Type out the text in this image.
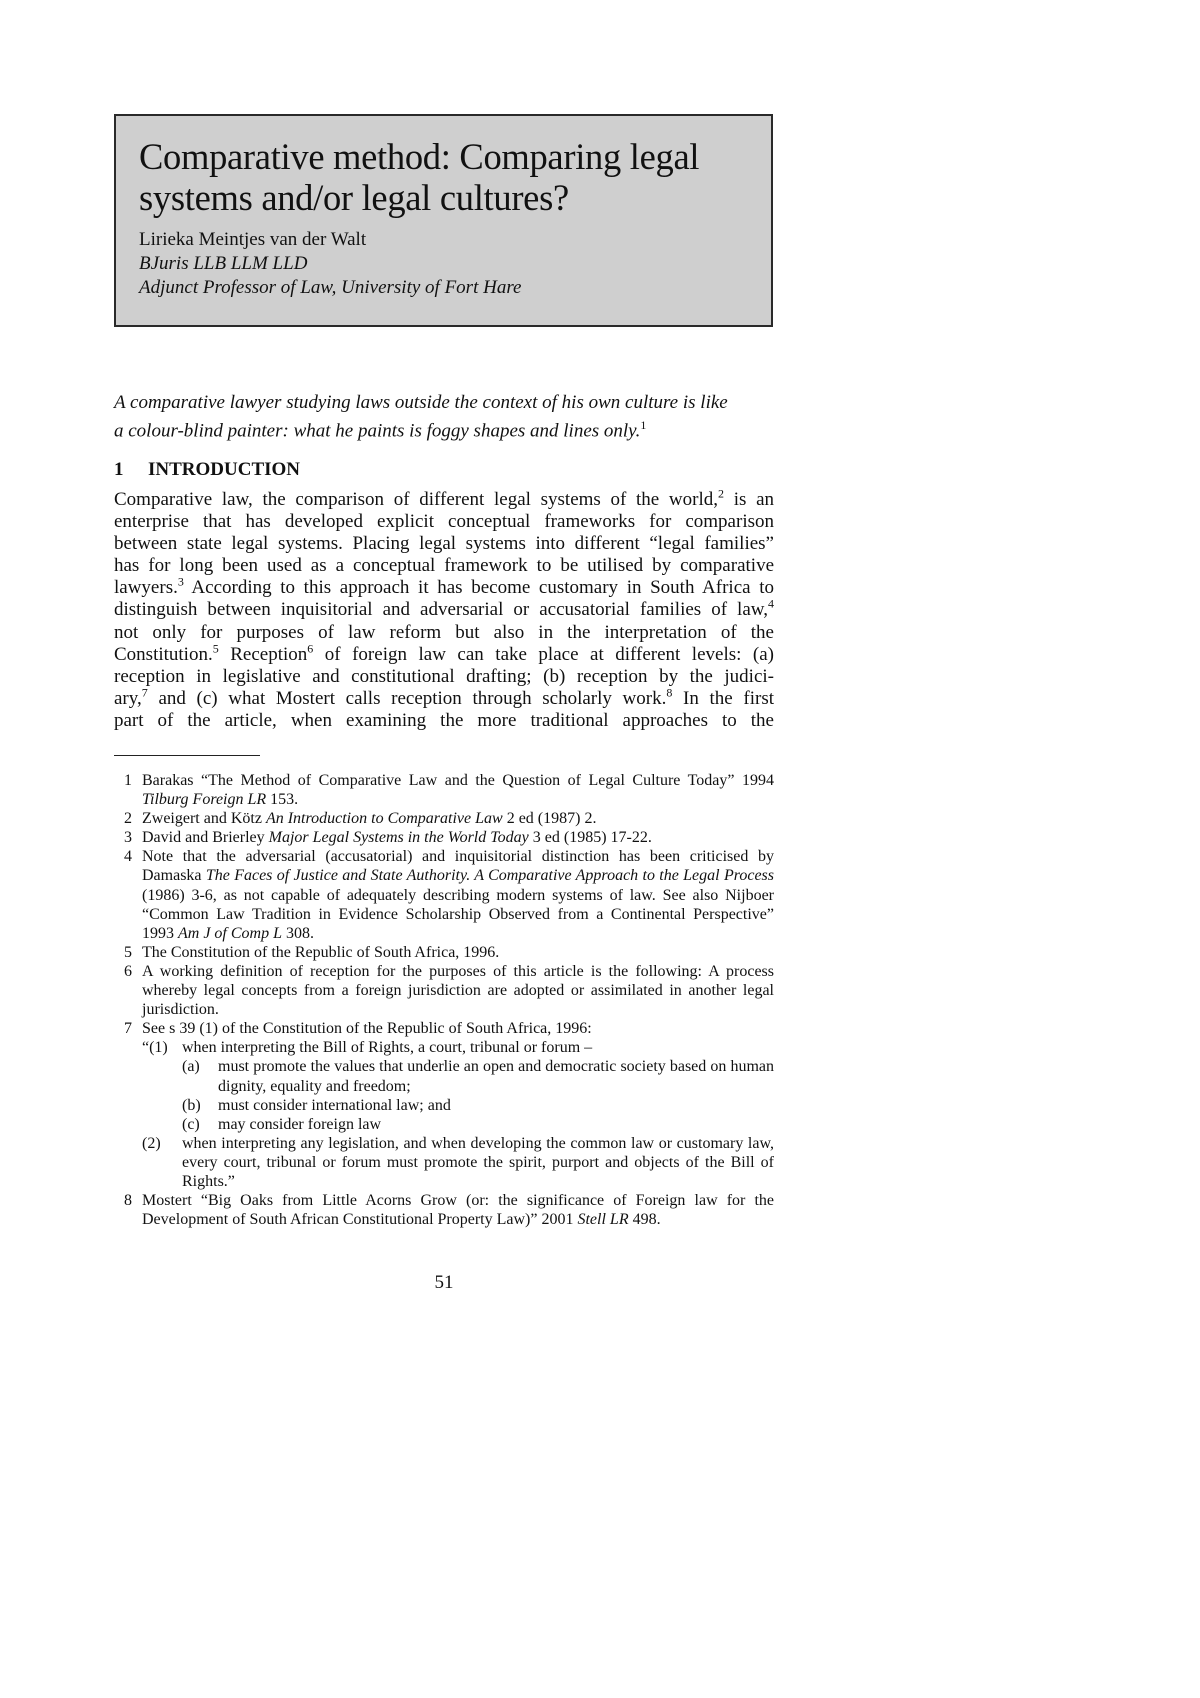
Comparative method: Comparing legal
systems and/or legal cultures?
Lirieka Meintjes van der Walt
BJuris LLB LLM LLD
Adjunct Professor of Law, University of Fort Hare
A comparative lawyer studying laws outside the context of his own culture is like
a colour-blind painter: what he paints is foggy shapes and lines only.$^1$
1 INTRODUCTION
Comparative law, the comparison of different legal systems of the world,$^2$ is an
enterprise that has developed explicit conceptual frameworks for comparison
between state legal systems. Placing legal systems into different “legal families”
has for long been used as a conceptual framework to be utilised by comparative
lawyers.$^3$ According to this approach it has become customary in South Africa to
distinguish between inquisitorial and adversarial or accusatorial families of law,$^4$
not only for purposes of law reform but also in the interpretation of the
Constitution.$^5$ Reception$^6$ of foreign law can take place at different levels: (a)
reception in legislative and constitutional drafting; (b) reception by the judici-
ary,$^7$ and (c) what Mostert calls reception through scholarly work.$^8$ In the first
part of the article, when examining the more traditional approaches to the
1 Barakas “The Method of Comparative Law and the Question of Legal Culture Today” 1994 Tilburg Foreign LR 153.
2 Zweigert and Kötz An Introduction to Comparative Law 2 ed (1987) 2.
3 David and Brierley Major Legal Systems in the World Today 3 ed (1985) 17-22.
4 Note that the adversarial (accusatorial) and inquisitorial distinction has been criticised by Damaska The Faces of Justice and State Authority. A Comparative Approach to the Legal Process (1986) 3-6, as not capable of adequately describing modern systems of law. See also Nijboer “Common Law Tradition in Evidence Scholarship Observed from a Continental Perspective” 1993 Am J of Comp L 308.
5 The Constitution of the Republic of South Africa, 1996.
6 A working definition of reception for the purposes of this article is the following: A process whereby legal concepts from a foreign jurisdiction are adopted or assimilated in another legal jurisdiction.
7 See s 39 (1) of the Constitution of the Republic of South Africa, 1996:
“(1) when interpreting the Bill of Rights, a court, tribunal or forum –
(a) must promote the values that underlie an open and democratic society based on human dignity, equality and freedom;
(b) must consider international law; and
(c) may consider foreign law
(2) when interpreting any legislation, and when developing the common law or customary law, every court, tribunal or forum must promote the spirit, purport and objects of the Bill of Rights.”
8 Mostert “Big Oaks from Little Acorns Grow (or: the significance of Foreign law for the Development of South African Constitutional Property Law)” 2001 Stell LR 498.
51
